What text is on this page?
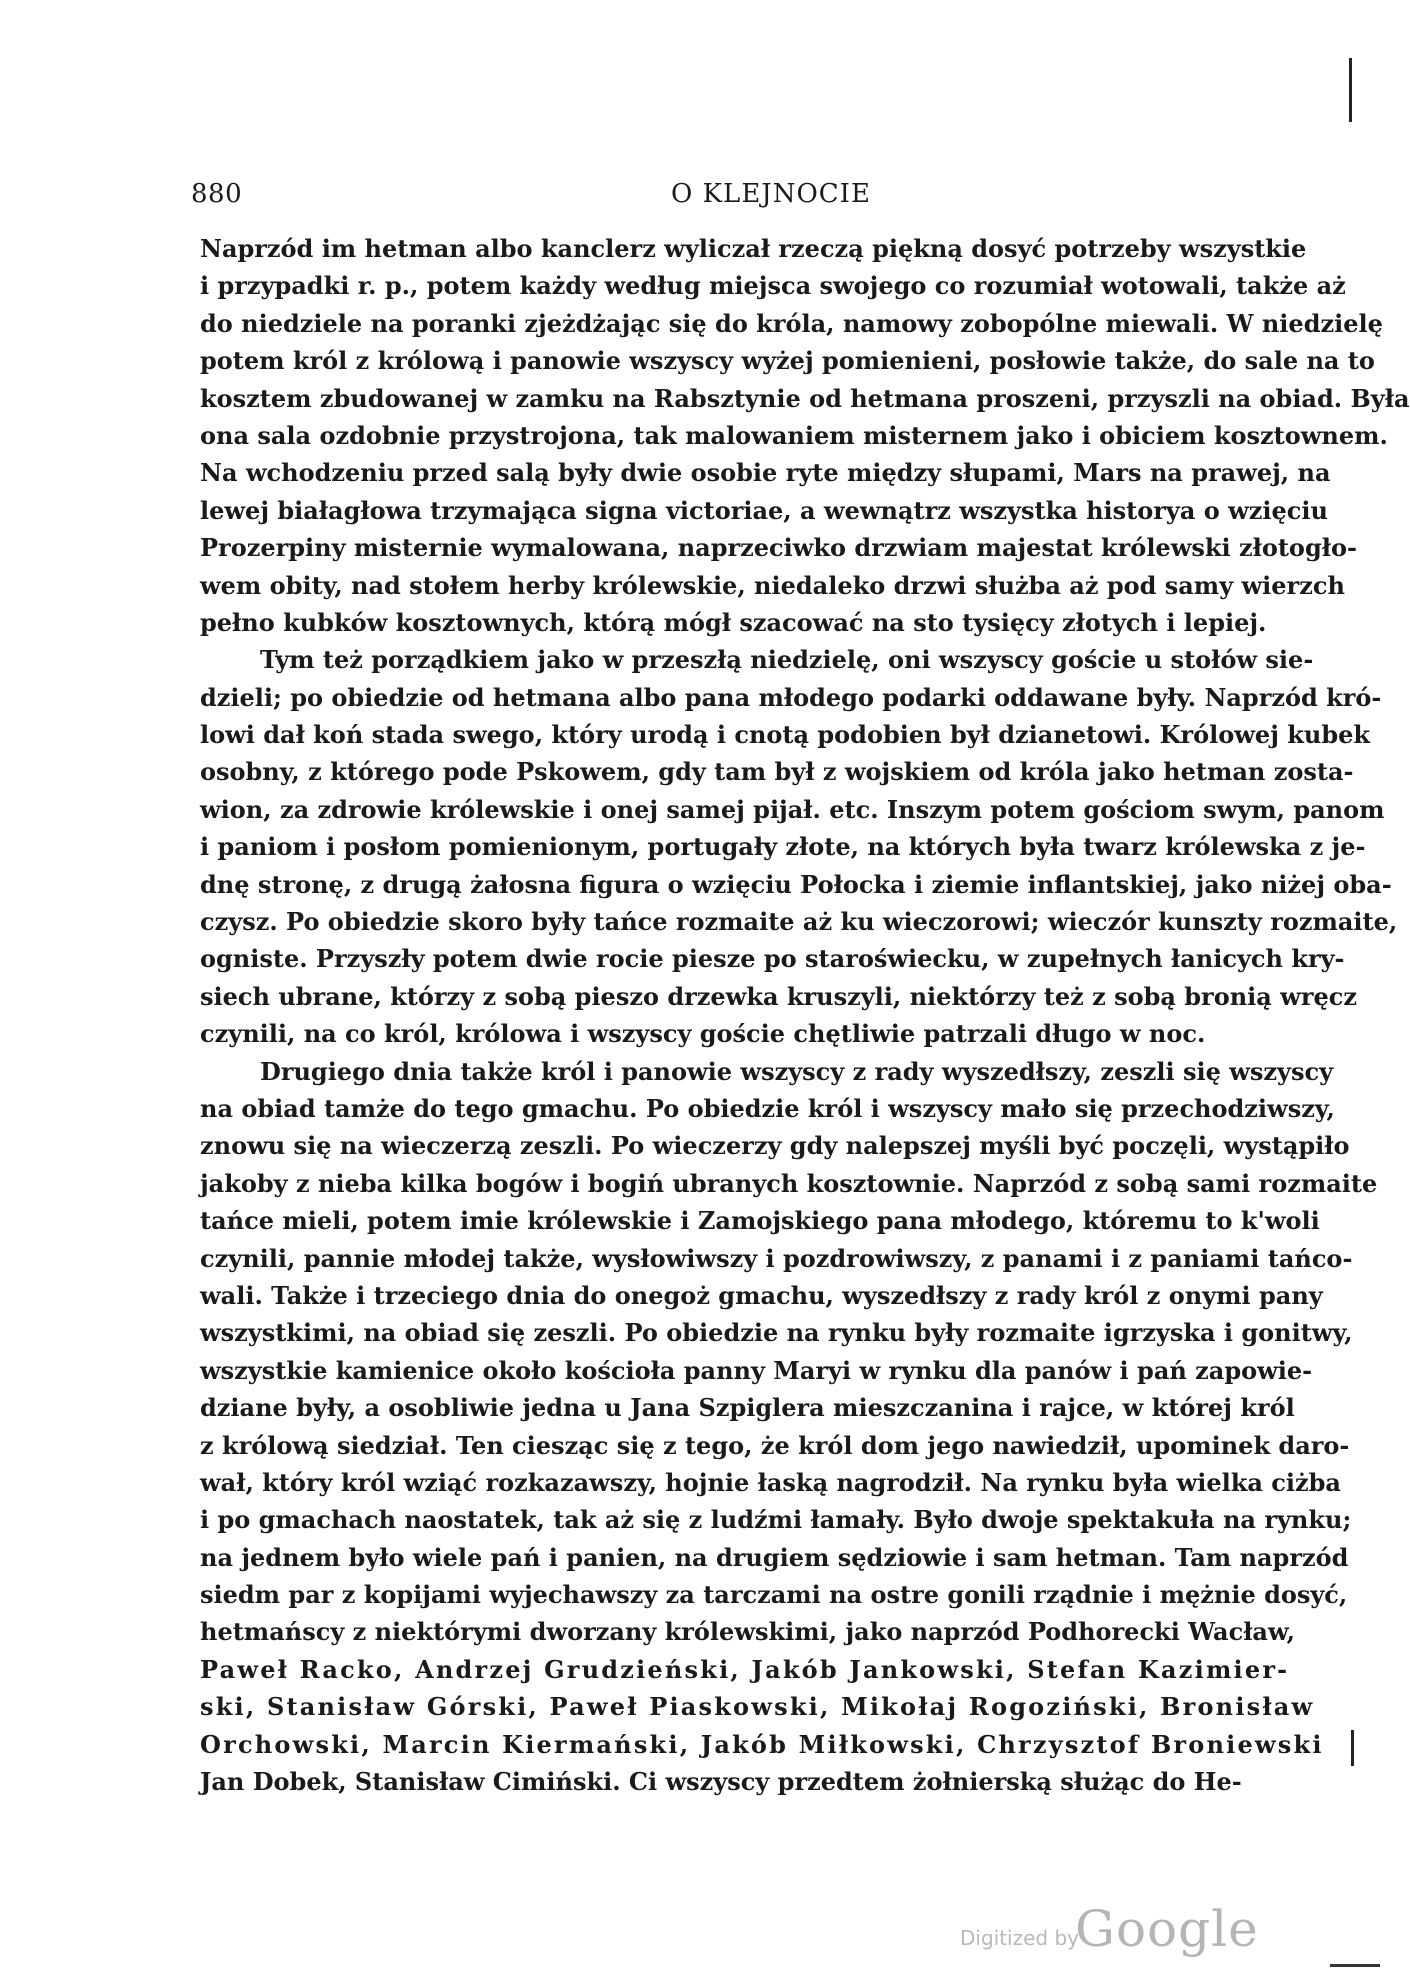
880	O KLEJNOCIE
Naprzód im hetman albo kanclerz wyliczał rzeczą piękną dosyć potrzeby wszystkie
i przypadki r. p., potem każdy według miejsca swojego co rozumiał wotowali, także aż
do niedziele na poranki zjeżdżając się do króla, namowy zobopólne miewali. W niedzielę
potem król z królową i panowie wszyscy wyżej pomienieni, posłowie także, do sale na to
kosztem zbudowanej w zamku na Rabsztynie od hetmana proszeni, przyszli na obiad. Była
ona sala ozdobnie przystrojona, tak malowaniem misternem jako i obiciem kosztownem.
Na wchodzeniu przed salą były dwie osobie ryte między słupami, Mars na prawej, na
lewej białagłowa trzymająca signa victoriae, a wewnątrz wszystka historya o wzięciu
Prozerpiny misternie wymalowana, naprzeciwko drzwiam majestat królewski złotogło-
wem obity, nad stołem herby królewskie, niedaleko drzwi służba aż pod samy wierzch
pełno kubków kosztownych, którą mógł szacować na sto tysięcy złotych i lepiej.
Tym też porządkiem jako w przeszłą niedzielę, oni wszyscy goście u stołów sie-
dzieli; po obiedzie od hetmana albo pana młodego podarki oddawane były. Naprzód kró-
lowi dał koń stada swego, który urodą i cnotą podobien był dzianetowi. Królowej kubek
osobny, z którego pode Pskowem, gdy tam był z wojskiem od króla jako hetman zosta-
wion, za zdrowie królewskie i onej samej pijał. etc. Inszym potem gościom swym, panom
i paniom i posłom pomienionym, portugały złote, na których była twarz królewska z je-
dnę stronę, z drugą żałosna figura o wzięciu Połocka i ziemie inflantskiej, jako niżej oba-
czysz. Po obiedzie skoro były tańce rozmaite aż ku wieczorowi; wieczór kunszty rozmaite,
ogniste. Przyszły potem dwie rocie piesze po staroświecku, w zupełnych łanicych kry-
siech ubrane, którzy z sobą pieszo drzewka kruszyli, niektórzy też z sobą bronią wręcz
czynili, na co król, królowa i wszyscy goście chętliwie patrzali długo w noc.
Drugiego dnia także król i panowie wszyscy z rady wyszedłszy, zeszli się wszyscy
na obiad tamże do tego gmachu. Po obiedzie król i wszyscy mało się przechodziwszy,
znowu się na wieczerzą zeszli. Po wieczerzy gdy nalepszej myśli być poczęli, wystąpiło
jakoby z nieba kilka bogów i bogiń ubranych kosztownie. Naprzód z sobą sami rozmaite
tańce mieli, potem imie królewskie i Zamojskiego pana młodego, któremu to k'woli
czynili, pannie młodej także, wysłowiwszy i pozdrowiwszy, z panami i z paniami tańco-
wali. Także i trzeciego dnia do onegoż gmachu, wyszedłszy z rady król z onymi pany
wszystkimi, na obiad się zeszli. Po obiedzie na rynku były rozmaite igrzyska i gonitwy,
wszystkie kamienice około kościoła panny Maryi w rynku dla panów i pań zapowie-
dziane były, a osobliwie jedna u Jana Szpiglera mieszczanina i rajce, w której król
z królową siedział. Ten ciesząc się z tego, że król dom jego nawiedził, upominek daro-
wał, który król wziąć rozkazawszy, hojnie łaską nagrodził. Na rynku była wielka ciżba
i po gmachach naostatek, tak aż się z ludźmi łamały. Było dwoje spektakuła na rynku;
na jednem było wiele pań i panien, na drugiem sędziowie i sam hetman. Tam naprzód
siedm par z kopijami wyjechawszy za tarczami na ostre gonili rządnie i mężnie dosyć,
hetmańscy z niektórymi dworzany królewskimi, jako naprzód Podhorecki Wacław,
Paweł Racko, Andrzej Grudzieński, Jakób Jankowski, Stefan Kazimier-
ski, Stanisław Górski, Paweł Piaskowski, Mikołaj Rogoziński, Bronisław
Orchowski, Marcin Kiermański, Jakób Miłkowski, Chrzysztof Broniewski
Jan Dobek, Stanisław Cimiński. Ci wszyscy przedtem żołnierską służąc do He-
Digitized by
Google
